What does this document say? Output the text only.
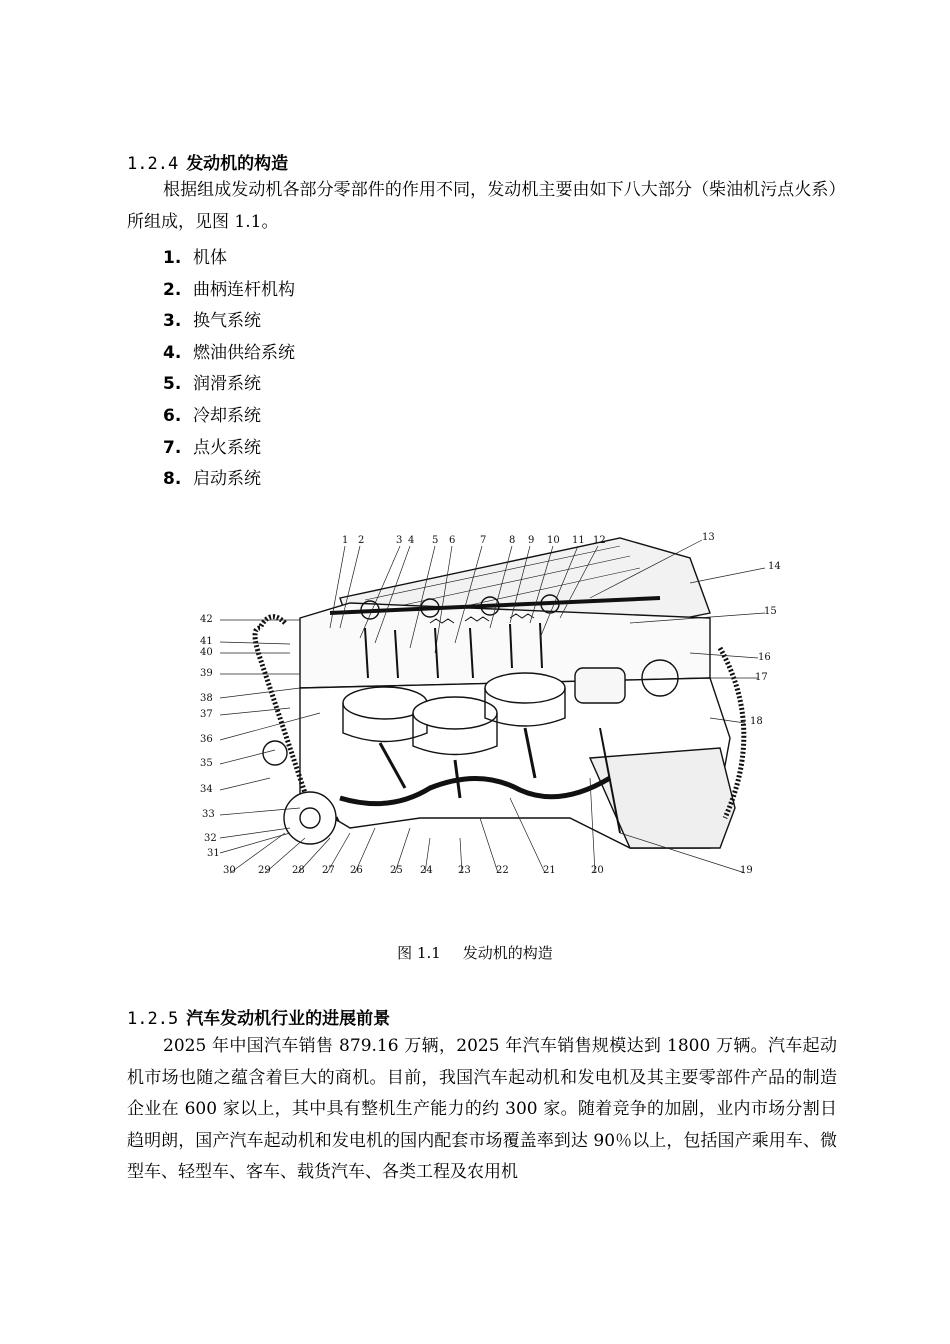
1.2.4 发动机的构造

根据组成发动机各部分零部件的作用不同，发动机主要由如下八大部分（柴油机污点火系）所组成，见图 1.1。

1. 机体
2. 曲柄连杆机构
3. 换气系统
4. 燃油供给系统
5. 润滑系统
6. 冷却系统
7. 点火系统
8. 启动系统
1 2	3 4 5 6 7 8 9 10 11 12	13
14
15
16
17
18
19
20
21
22
23
24
25
26
27
28
29
30
31
32
33
34
35
36
37
38
39
40
41
42
图 1.1 发动机的构造
1.2.5 汽车发动机行业的进展前景

2025 年中国汽车销售 879.16 万辆，2025 年汽车销售规模达到 1800 万辆。汽车起动机市场也随之蕴含着巨大的商机。目前，我国汽车起动机和发电机及其主要零部件产品的制造企业在 600 家以上，其中具有整机生产能力的约 300 家。随着竞争的加剧，业内市场分割日趋明朗，国产汽车起动机和发电机的国内配套市场覆盖率到达 90％以上，包括国产乘用车、微型车、轻型车、客车、载货汽车、各类工程及农用机
